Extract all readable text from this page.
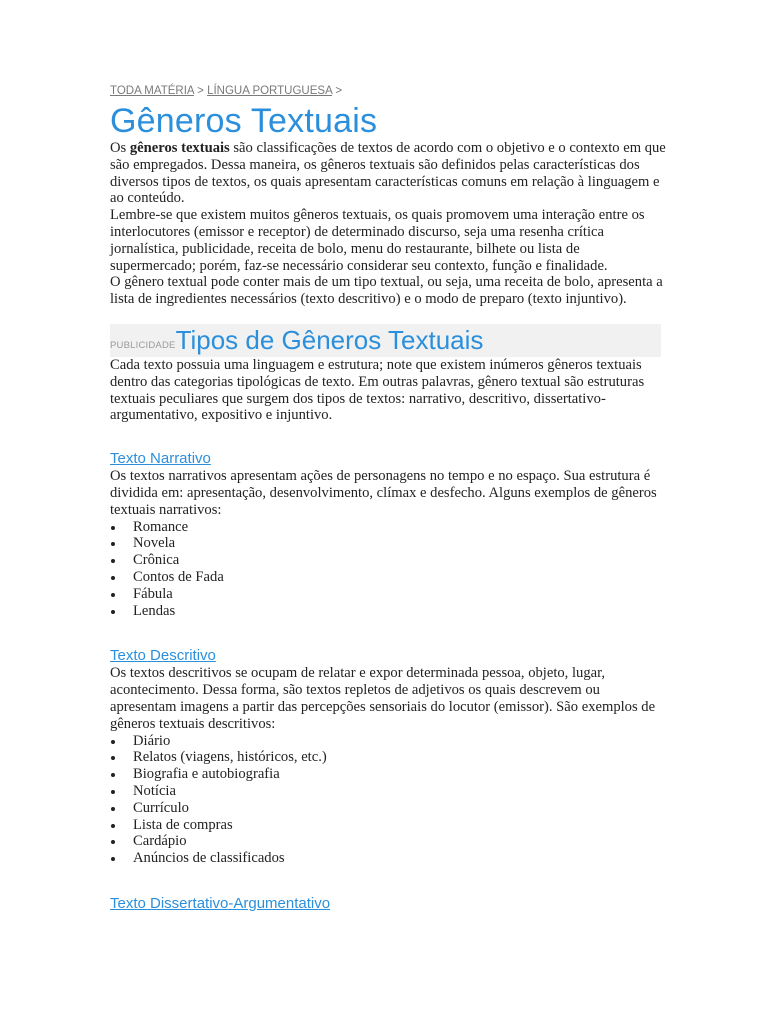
TODA MATÉRIA > LÍNGUA PORTUGUESA >
Gêneros Textuais

Os gêneros textuais são classificações de textos de acordo com o objetivo e o contexto em que são empregados. Dessa maneira, os gêneros textuais são definidos pelas características dos diversos tipos de textos, os quais apresentam características comuns em relação à linguagem e ao conteúdo.

Lembre-se que existem muitos gêneros textuais, os quais promovem uma interação entre os interlocutores (emissor e receptor) de determinado discurso, seja uma resenha crítica jornalística, publicidade, receita de bolo, menu do restaurante, bilhete ou lista de supermercado; porém, faz-se necessário considerar seu contexto, função e finalidade.

O gênero textual pode conter mais de um tipo textual, ou seja, uma receita de bolo, apresenta a lista de ingredientes necessários (texto descritivo) e o modo de preparo (texto injuntivo).

PUBLICIDADE Tipos de Gêneros Textuais

Cada texto possuia uma linguagem e estrutura; note que existem inúmeros gêneros textuais dentro das categorias tipológicas de texto. Em outras palavras, gênero textual são estruturas textuais peculiares que surgem dos tipos de textos: narrativo, descritivo, dissertativo-argumentativo, expositivo e injuntivo.

Texto Narrativo

Os textos narrativos apresentam ações de personagens no tempo e no espaço. Sua estrutura é dividida em: apresentação, desenvolvimento, clímax e desfecho. Alguns exemplos de gêneros textuais narrativos:

Romance
Novela
Crônica
Contos de Fada
Fábula
Lendas
Texto Descritivo

Os textos descritivos se ocupam de relatar e expor determinada pessoa, objeto, lugar, acontecimento. Dessa forma, são textos repletos de adjetivos os quais descrevem ou apresentam imagens a partir das percepções sensoriais do locutor (emissor). São exemplos de gêneros textuais descritivos:

Diário
Relatos (viagens, históricos, etc.)
Biografia e autobiografia
Notícia
Currículo
Lista de compras
Cardápio
Anúncios de classificados
Texto Dissertativo-Argumentativo
